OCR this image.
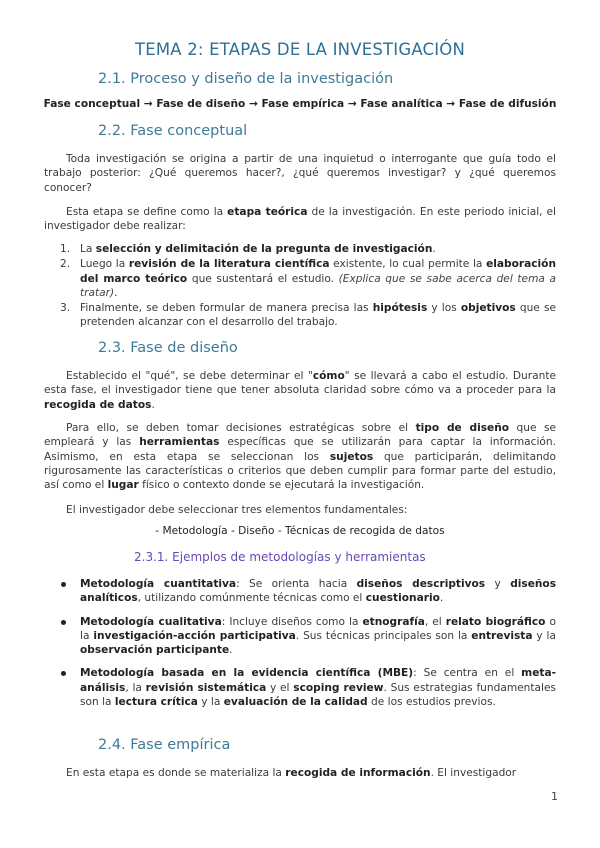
TEMA 2: ETAPAS DE LA INVESTIGACIÓN
2.1. Proceso y diseño de la investigación
Fase conceptual → Fase de diseño → Fase empírica → Fase analítica → Fase de difusión
2.2. Fase conceptual
Toda investigación se origina a partir de una inquietud o interrogante que guía todo el trabajo posterior: ¿Qué queremos hacer?, ¿qué queremos investigar? y ¿qué queremos conocer?
Esta etapa se define como la etapa teórica de la investigación. En este periodo inicial, el investigador debe realizar:
1. La selección y delimitación de la pregunta de investigación.
2. Luego la revisión de la literatura científica existente, lo cual permite la elaboración del marco teórico que sustentará el estudio. (Explica que se sabe acerca del tema a tratar).
3. Finalmente, se deben formular de manera precisa las hipótesis y los objetivos que se pretenden alcanzar con el desarrollo del trabajo.
2.3. Fase de diseño
Establecido el "qué", se debe determinar el "cómo" se llevará a cabo el estudio. Durante esta fase, el investigador tiene que tener absoluta claridad sobre cómo va a proceder para la recogida de datos.
Para ello, se deben tomar decisiones estratégicas sobre el tipo de diseño que se empleará y las herramientas específicas que se utilizarán para captar la información. Asimismo, en esta etapa se seleccionan los sujetos que participarán, delimitando rigurosamente las características o criterios que deben cumplir para formar parte del estudio, así como el lugar físico o contexto donde se ejecutará la investigación.
El investigador debe seleccionar tres elementos fundamentales:
- Metodología - Diseño - Técnicas de recogida de datos
2.3.1. Ejemplos de metodologías y herramientas
Metodología cuantitativa: Se orienta hacia diseños descriptivos y diseños analíticos, utilizando comúnmente técnicas como el cuestionario.
Metodología cualitativa: Incluye diseños como la etnografía, el relato biográfico o la investigación-acción participativa. Sus técnicas principales son la entrevista y la observación participante.
Metodología basada en la evidencia científica (MBE): Se centra en el meta-análisis, la revisión sistemática y el scoping review. Sus estrategias fundamentales son la lectura crítica y la evaluación de la calidad de los estudios previos.
2.4. Fase empírica
En esta etapa es donde se materializa la recogida de información. El investigador
1
